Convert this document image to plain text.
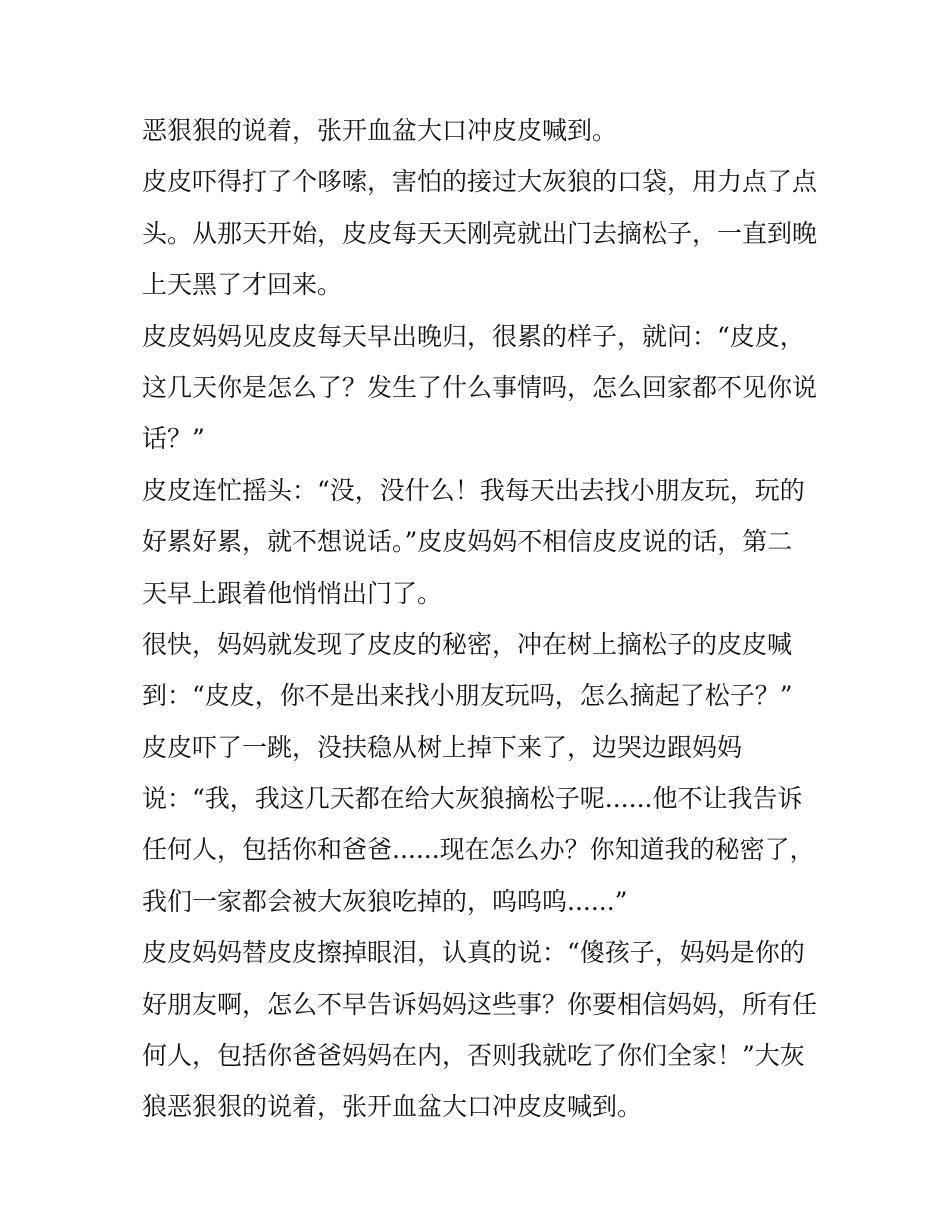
恶狠狠的说着，张开血盆大口冲皮皮喊到。
皮皮吓得打了个哆嗦，害怕的接过大灰狼的口袋，用力点了点
头。从那天开始，皮皮每天天刚亮就出门去摘松子，一直到晚
上天黑了才回来。
皮皮妈妈见皮皮每天早出晚归，很累的样子，就问：“皮皮，
这几天你是怎么了？发生了什么事情吗，怎么回家都不见你说
话？”
皮皮连忙摇头：“没，没什么！我每天出去找小朋友玩，玩的
好累好累，就不想说话。”皮皮妈妈不相信皮皮说的话，第二
天早上跟着他悄悄出门了。
很快，妈妈就发现了皮皮的秘密，冲在树上摘松子的皮皮喊
到：“皮皮，你不是出来找小朋友玩吗，怎么摘起了松子？”
皮皮吓了一跳，没扶稳从树上掉下来了，边哭边跟妈妈
说：“我，我这几天都在给大灰狼摘松子呢......他不让我告诉
任何人，包括你和爸爸......现在怎么办？你知道我的秘密了，
我们一家都会被大灰狼吃掉的，呜呜呜......”
皮皮妈妈替皮皮擦掉眼泪，认真的说：“傻孩子，妈妈是你的
好朋友啊，怎么不早告诉妈妈这些事？你要相信妈妈，所有任
何人，包括你爸爸妈妈在内，否则我就吃了你们全家！”大灰
狼恶狠狠的说着，张开血盆大口冲皮皮喊到。
